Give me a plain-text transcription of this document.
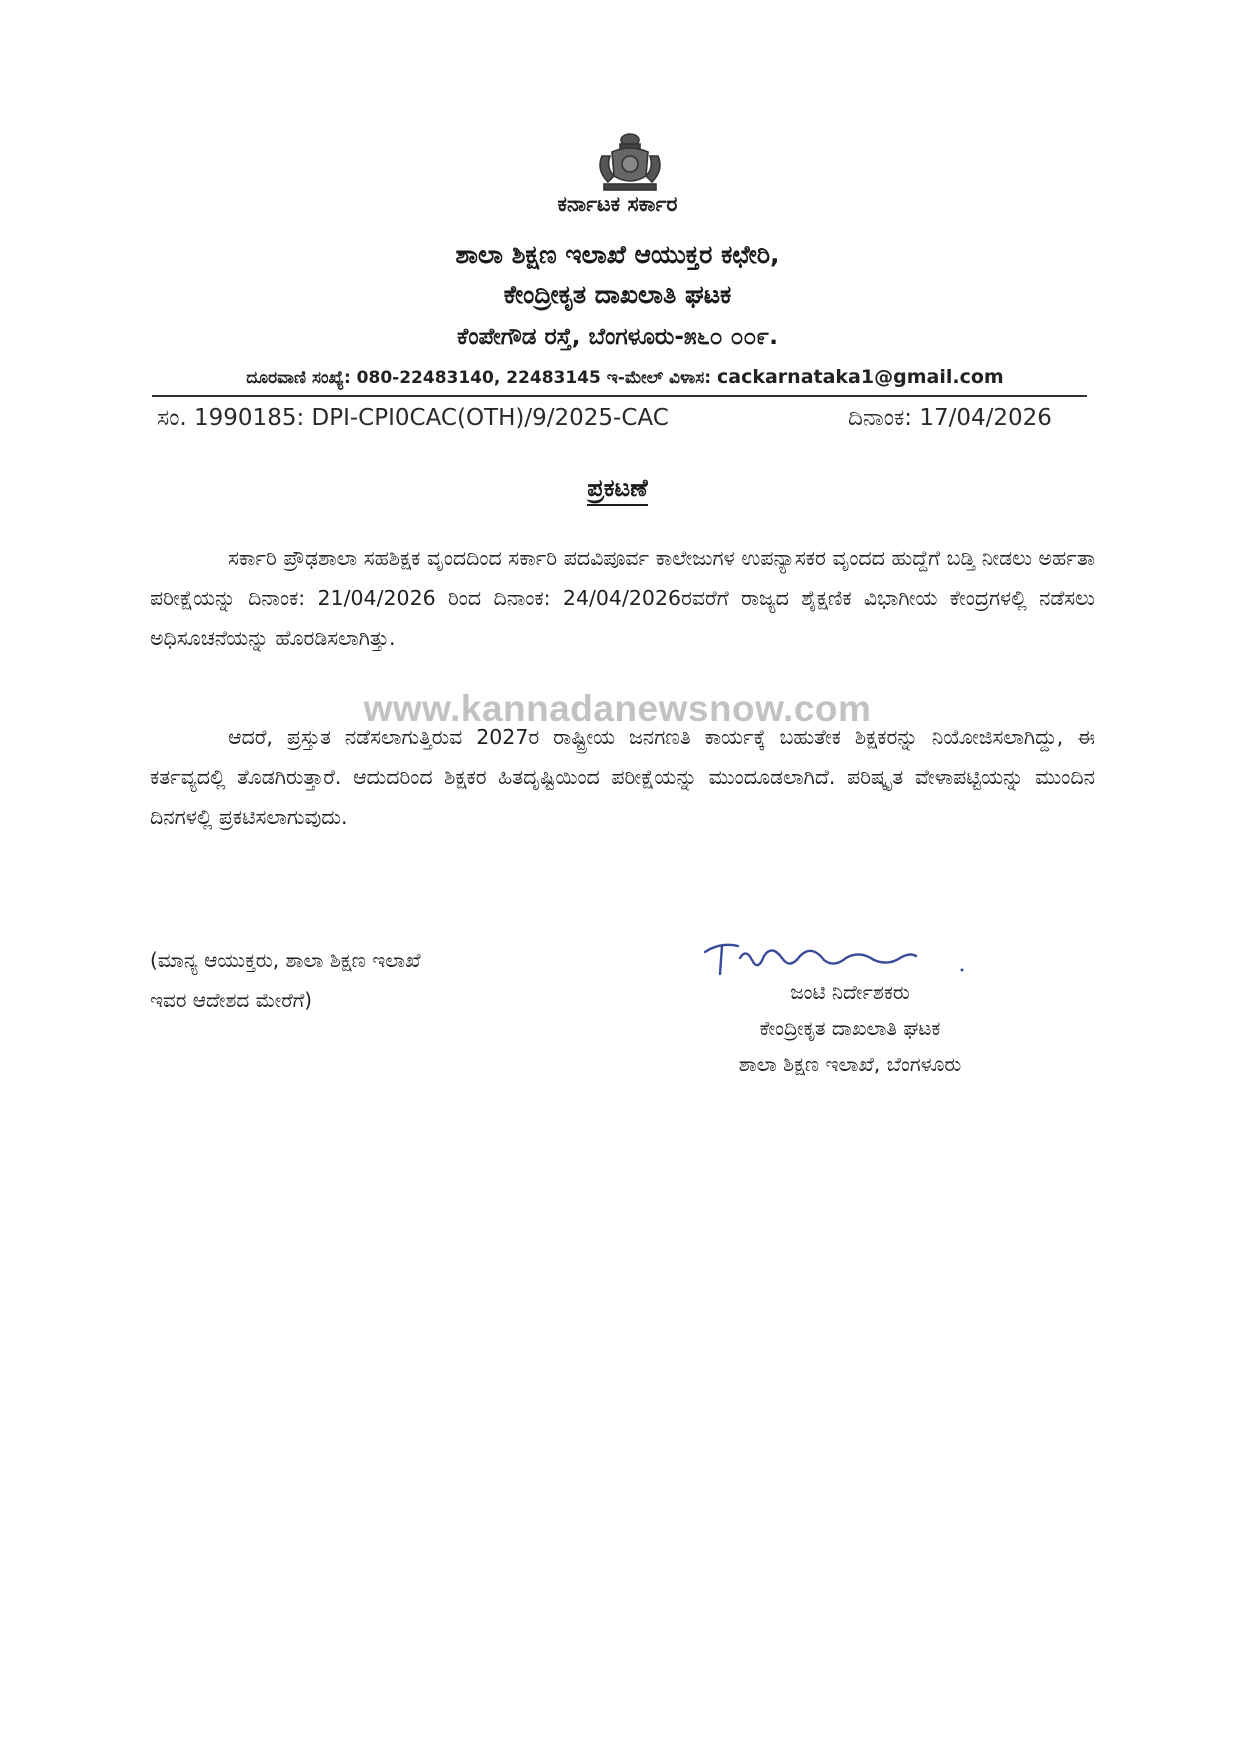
ಕರ್ನಾಟಕ ಸರ್ಕಾರ
ಶಾಲಾ ಶಿಕ್ಷಣ ಇಲಾಖೆ ಆಯುಕ್ತರ ಕಛೇರಿ,
ಕೇಂದ್ರೀಕೃತ ದಾಖಲಾತಿ ಘಟಕ
ಕೆಂಪೇಗೌಡ ರಸ್ತೆ, ಬೆಂಗಳೂರು-೫೬೦ ೦೦೯.
ದೂರವಾಣಿ ಸಂಖ್ಯೆ: 080-22483140, 22483145 ಇ-ಮೇಲ್ ವಿಳಾಸ: cackarnataka1@gmail.com
ಸಂ. 1990185: DPI-CPI0CAC(OTH)/9/2025-CAC	ದಿನಾಂಕ: 17/04/2026
ಪ್ರಕಟಣೆ

ಸರ್ಕಾರಿ ಪ್ರೌಢಶಾಲಾ ಸಹಶಿಕ್ಷಕ ವೃಂದದಿಂದ ಸರ್ಕಾರಿ ಪದವಿಪೂರ್ವ ಕಾಲೇಜುಗಳ ಉಪನ್ಯಾಸಕರ ವೃಂದದ ಹುದ್ದೆಗೆ ಬಡ್ತಿ ನೀಡಲು ಅರ್ಹತಾ ಪರೀಕ್ಷೆಯನ್ನು ದಿನಾಂಕ: 21/04/2026 ರಿಂದ ದಿನಾಂಕ: 24/04/2026ರವರೆಗೆ ರಾಜ್ಯದ ಶೈಕ್ಷಣಿಕ ವಿಭಾಗೀಯ ಕೇಂದ್ರಗಳಲ್ಲಿ ನಡೆಸಲು ಅಧಿಸೂಚನೆಯನ್ನು ಹೊರಡಿಸಲಾಗಿತ್ತು.

ಆದರೆ, ಪ್ರಸ್ತುತ ನಡೆಸಲಾಗುತ್ತಿರುವ 2027ರ ರಾಷ್ಟ್ರೀಯ ಜನಗಣತಿ ಕಾರ್ಯಕ್ಕೆ ಬಹುತೇಕ ಶಿಕ್ಷಕರನ್ನು ನಿಯೋಜಿಸಲಾಗಿದ್ದು, ಈ ಕರ್ತವ್ಯದಲ್ಲಿ ತೊಡಗಿರುತ್ತಾರೆ. ಆದುದರಿಂದ ಶಿಕ್ಷಕರ ಹಿತದೃಷ್ಟಿಯಿಂದ ಪರೀಕ್ಷೆಯನ್ನು ಮುಂದೂಡಲಾಗಿದೆ. ಪರಿಷ್ಕೃತ ವೇಳಾಪಟ್ಟಿಯನ್ನು ಮುಂದಿನ ದಿನಗಳಲ್ಲಿ ಪ್ರಕಟಿಸಲಾಗುವುದು.

www.kannadanewsnow.com
(ಮಾನ್ಯ ಆಯುಕ್ತರು, ಶಾಲಾ ಶಿಕ್ಷಣ ಇಲಾಖೆ
ಇವರ ಆದೇಶದ ಮೇರೆಗೆ)	ಜಂಟಿ ನಿರ್ದೇಶಕರು
ಕೇಂದ್ರೀಕೃತ ದಾಖಲಾತಿ ಘಟಕ
ಶಾಲಾ ಶಿಕ್ಷಣ ಇಲಾಖೆ, ಬೆಂಗಳೂರು
